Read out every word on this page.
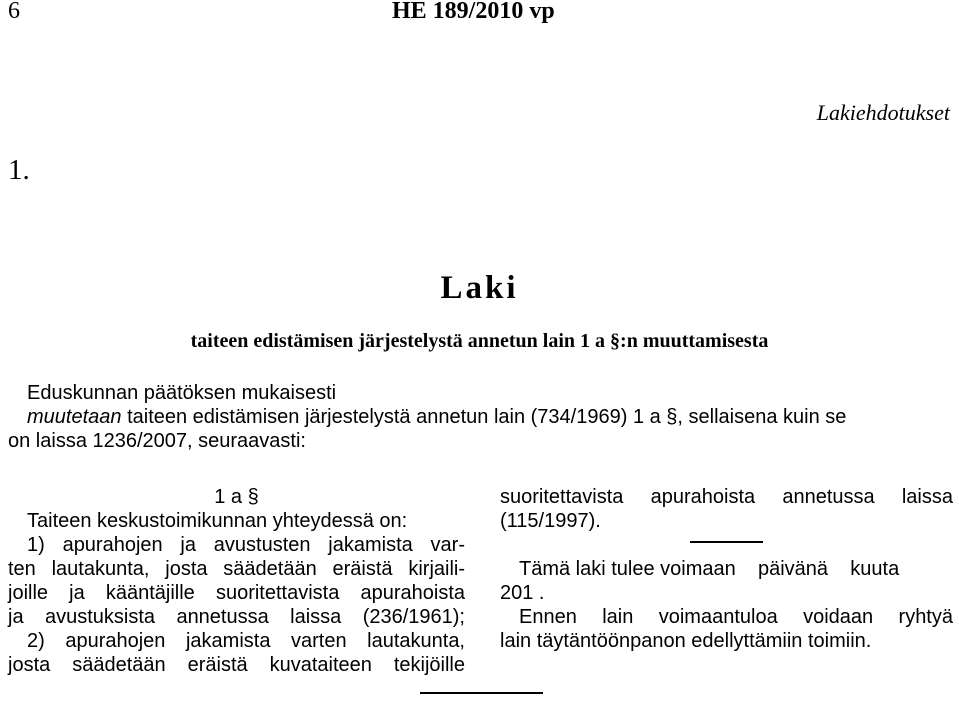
6	HE 189/2010 vp
Lakiehdotukset
1.
Laki
taiteen edistämisen järjestelystä annetun lain 1 a §:n muuttamisesta
Eduskunnan päätöksen mukaisesti
muutetaan taiteen edistämisen järjestelystä annetun lain (734/1969) 1 a §, sellaisena kuin se
on laissa 1236/2007, seuraavasti:
1 a §
Taiteen keskustoimikunnan yhteydessä on:
1) apurahojen ja avustusten jakamista var-
ten lautakunta, josta säädetään eräistä kirjaili-
joille ja kääntäjille suoritettavista apurahoista
ja avustuksista annetussa laissa (236/1961);
2) apurahojen jakamista varten lautakunta,
josta säädetään eräistä kuvataiteen tekijöille
suoritettavista apurahoista annetussa laissa
(115/1997).
Tämä laki tulee voimaan    päivänä    kuuta
201 .
Ennen lain voimaantuloa voidaan ryhtyä
lain täytäntöönpanon edellyttämiin toimiin.
